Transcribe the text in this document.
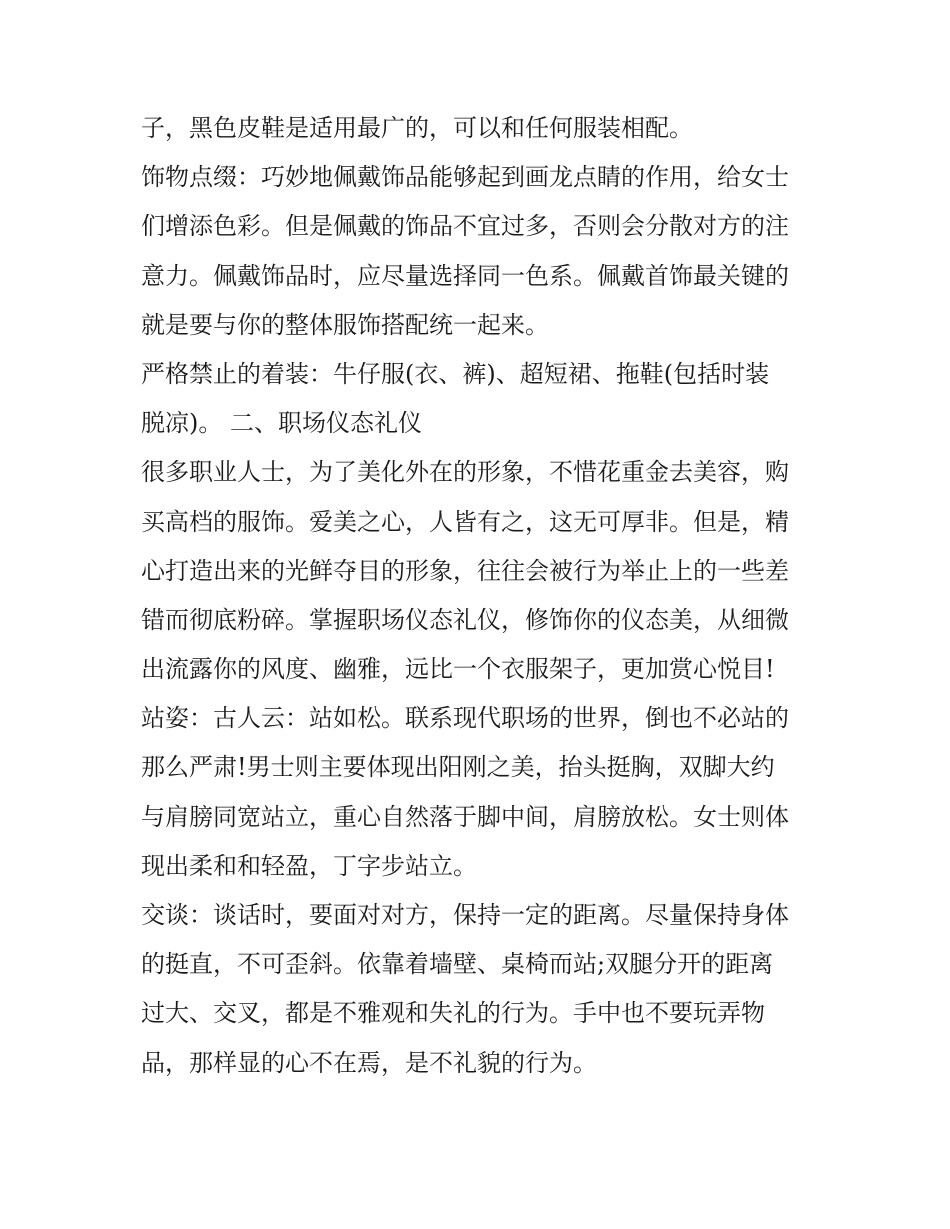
子，黑色皮鞋是适用最广的，可以和任何服装相配。
饰物点缀：巧妙地佩戴饰品能够起到画龙点睛的作用，给女士
们增添色彩。但是佩戴的饰品不宜过多，否则会分散对方的注
意力。佩戴饰品时，应尽量选择同一色系。佩戴首饰最关键的
就是要与你的整体服饰搭配统一起来。
严格禁止的着装：牛仔服(衣、裤)、超短裙、拖鞋(包括时装
脱凉)。 二、职场仪态礼仪
很多职业人士，为了美化外在的形象，不惜花重金去美容，购
买高档的服饰。爱美之心，人皆有之，这无可厚非。但是，精
心打造出来的光鲜夺目的形象，往往会被行为举止上的一些差
错而彻底粉碎。掌握职场仪态礼仪，修饰你的仪态美，从细微
出流露你的风度、幽雅，远比一个衣服架子，更加赏心悦目!
站姿：古人云：站如松。联系现代职场的世界，倒也不必站的
那么严肃!男士则主要体现出阳刚之美，抬头挺胸，双脚大约
与肩膀同宽站立，重心自然落于脚中间，肩膀放松。女士则体
现出柔和和轻盈，丁字步站立。
交谈：谈话时，要面对对方，保持一定的距离。尽量保持身体
的挺直，不可歪斜。依靠着墙壁、桌椅而站;双腿分开的距离
过大、交叉，都是不雅观和失礼的行为。手中也不要玩弄物
品，那样显的心不在焉，是不礼貌的行为。
